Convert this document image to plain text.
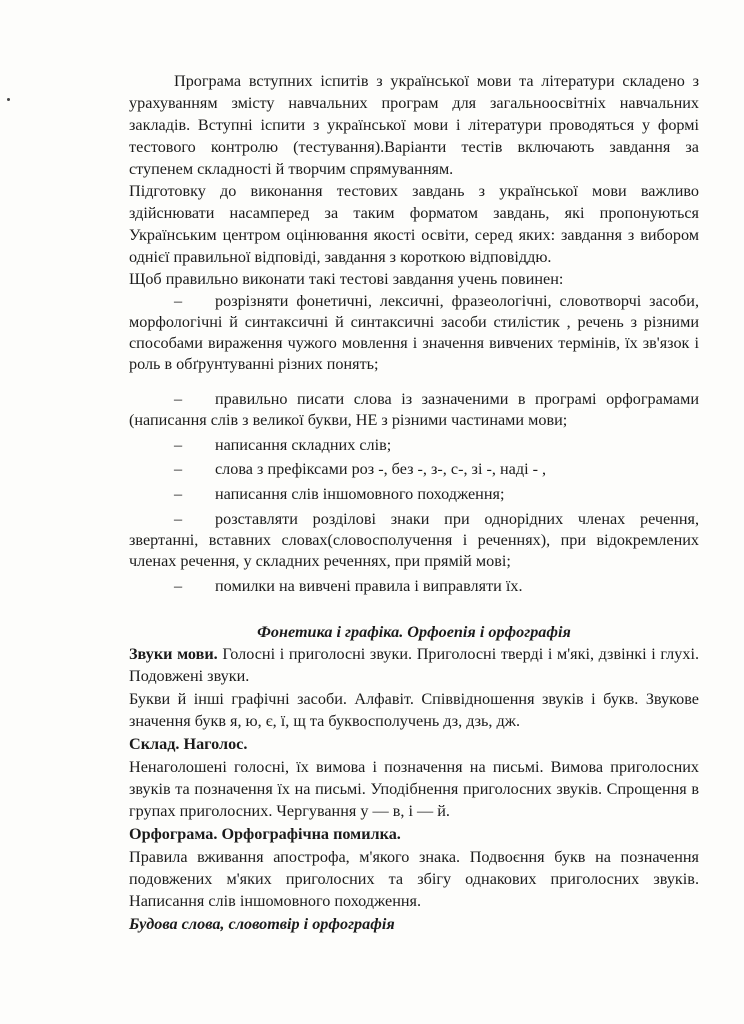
Програма вступних іспитів з української мови та літератури складено з урахуванням змісту навчальних програм для загальноосвітніх навчальних закладів. Вступні іспити з української мови і літератури проводяться у формі тестового контролю (тестування).Варіанти тестів включають завдання за ступенем складності й творчим спрямуванням.

Підготовку до виконання тестових завдань з української мови важливо здійснювати насамперед за таким форматом завдань, які пропонуються Українським центром оцінювання якості освіти, серед яких: завдання з вибором однієї правильної відповіді, завдання з короткою відповіддю.

Щоб правильно виконати такі тестові завдання учень повинен:

–	розрізняти фонетичні, лексичні, фразеологічні, словотворчі засоби, морфологічні й синтаксичні й синтаксичні засоби стилістик , речень з різними способами вираження чужого мовлення і значення вивчених термінів, їх зв'язок і роль в обґрунтуванні різних понять;
–	правильно писати слова із зазначеними в програмі орфограмами (написання слів з великої букви, НЕ з різними частинами мови;
–	написання складних слів;
–	слова з префіксами роз -, без -, з-, с-, зі -, наді - ,
–	написання слів іншомовного походження;
–	розставляти розділові знаки при однорідних членах речення, звертанні, вставних словах(словосполучення і реченнях), при відокремлених членах речення, у складних реченнях, при прямій мові;
–	помилки на вивчені правила і виправляти їх.
Фонетика і графіка. Орфоепія і орфографія

Звуки мови. Голосні і приголосні звуки. Приголосні тверді і м'які, дзвінкі і глухі. Подовжені звуки.

Букви й інші графічні засоби. Алфавіт. Співвідношення звуків і букв. Звукове значення букв я, ю, є, ї, щ та буквосполучень дз, дзь, дж.

Склад. Наголос.

Ненаголошені голосні, їх вимова і позначення на письмі. Вимова приголосних звуків та позначення їх на письмі. Уподібнення приголосних звуків. Спрощення в групах приголосних. Чергування у — в, і — й.

Орфограма. Орфографічна помилка.

Правила вживання апострофа, м'якого знака. Подвоєння букв на позначення подовжених м'яких приголосних та збігу однакових приголосних звуків. Написання слів іншомовного походження.

Будова слова, словотвір і орфографія
